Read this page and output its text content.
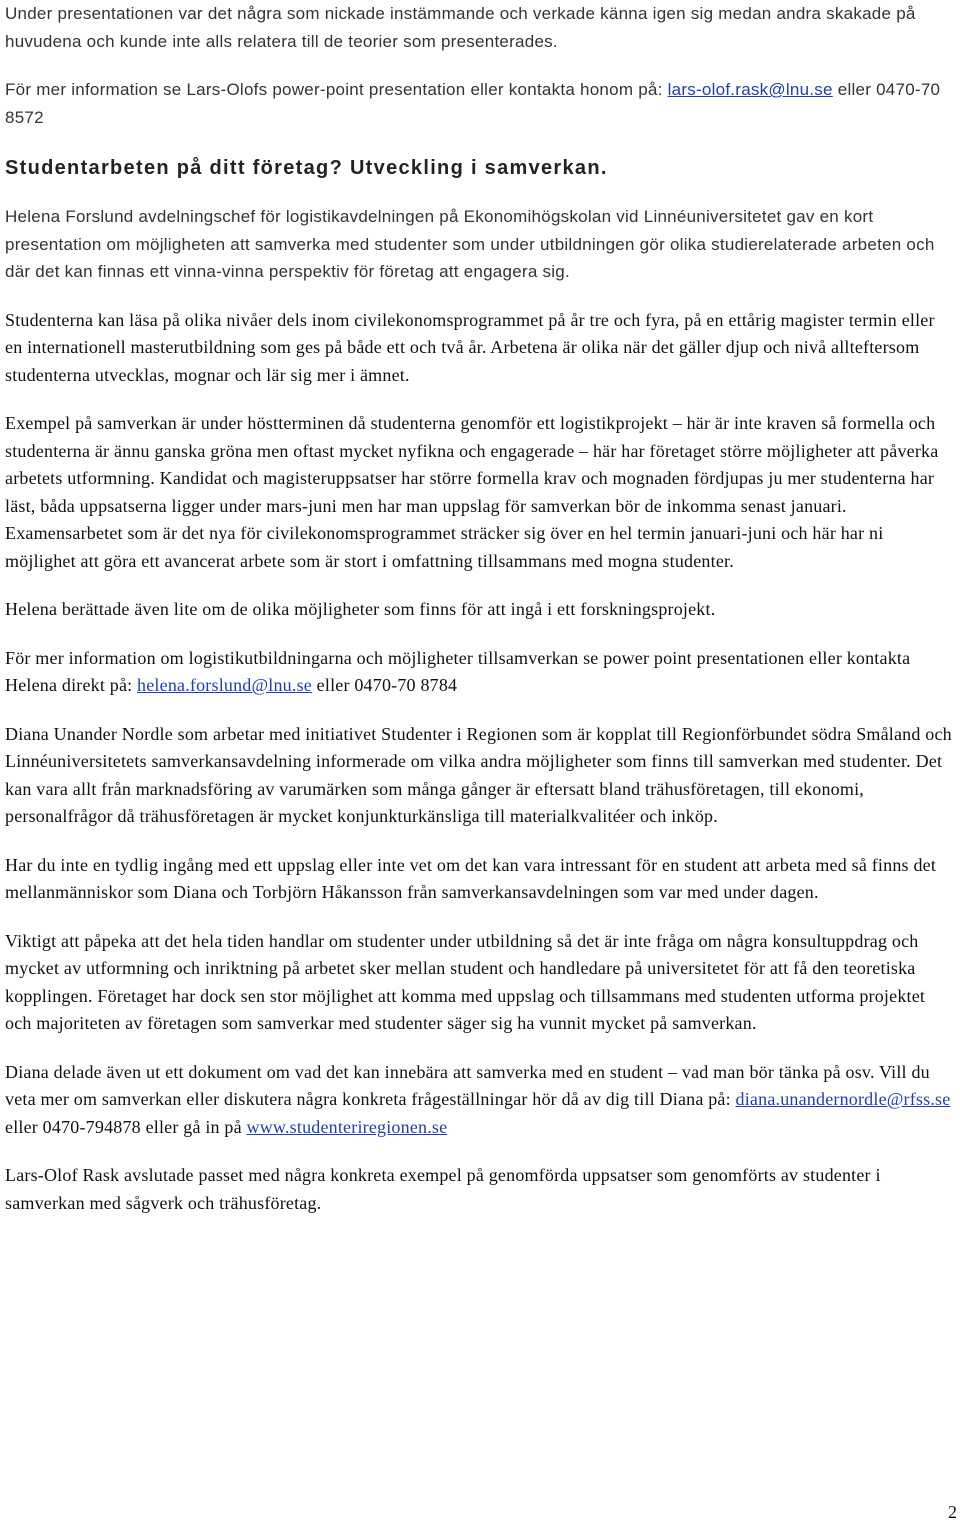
Under presentationen var det några som nickade instämmande och verkade känna igen sig medan andra skakade på huvudena och kunde inte alls relatera till de teorier som presenterades.

För mer information se Lars-Olofs power-point presentation eller kontakta honom på: lars-olof.rask@lnu.se eller 0470-70 8572

Studentarbeten på ditt företag? Utveckling i samverkan.

Helena Forslund avdelningschef för logistikavdelningen på Ekonomihögskolan vid Linnéuniversitetet gav en kort presentation om möjligheten att samverka med studenter som under utbildningen gör olika studierelaterade arbeten och där det kan finnas ett vinna-vinna perspektiv för företag att engagera sig.

Studenterna kan läsa på olika nivåer dels inom civilekonomsprogrammet på år tre och fyra, på en ettårig magister termin eller en internationell masterutbildning som ges på både ett och två år. Arbetena är olika när det gäller djup och nivå allteftersom studenterna utvecklas, mognar och lär sig mer i ämnet.

Exempel på samverkan är under höstterminen då studenterna genomför ett logistikprojekt – här är inte kraven så formella och studenterna är ännu ganska gröna men oftast mycket nyfikna och engagerade – här har företaget större möjligheter att påverka arbetets utformning. Kandidat och magisteruppsatser har större formella krav och mognaden fördjupas ju mer studenterna har läst, båda uppsatserna ligger under mars-juni men har man uppslag för samverkan bör de inkomma senast januari. Examensarbetet som är det nya för civilekonomsprogrammet sträcker sig över en hel termin januari-juni och här har ni möjlighet att göra ett avancerat arbete som är stort i omfattning tillsammans med mogna studenter.

Helena berättade även lite om de olika möjligheter som finns för att ingå i ett forskningsprojekt.

För mer information om logistikutbildningarna och möjligheter tillsamverkan se power point presentationen eller kontakta Helena direkt på: helena.forslund@lnu.se eller 0470-70 8784

Diana Unander Nordle som arbetar med initiativet Studenter i Regionen som är kopplat till Regionförbundet södra Småland och Linnéuniversitetets samverkansavdelning informerade om vilka andra möjligheter som finns till samverkan med studenter. Det kan vara allt från marknadsföring av varumärken som många gånger är eftersatt bland trähusföretagen, till ekonomi, personalfrågor då trähusföretagen är mycket konjunkturkänsliga till materialkvalitéer och inköp.

Har du inte en tydlig ingång med ett uppslag eller inte vet om det kan vara intressant för en student att arbeta med så finns det mellanmänniskor som Diana och Torbjörn Håkansson från samverkansavdelningen som var med under dagen.

Viktigt att påpeka att det hela tiden handlar om studenter under utbildning så det är inte fråga om några konsultuppdrag och mycket av utformning och inriktning på arbetet sker mellan student och handledare på universitetet för att få den teoretiska kopplingen. Företaget har dock sen stor möjlighet att komma med uppslag och tillsammans med studenten utforma projektet och majoriteten av företagen som samverkar med studenter säger sig ha vunnit mycket på samverkan.

Diana delade även ut ett dokument om vad det kan innebära att samverka med en student – vad man bör tänka på osv. Vill du veta mer om samverkan eller diskutera några konkreta frågeställningar hör då av dig till Diana på: diana.unandernordle@rfss.se eller 0470-794878 eller gå in på www.studenteriregionen.se

Lars-Olof Rask avslutade passet med några konkreta exempel på genomförda uppsatser som genomförts av studenter i samverkan med sågverk och trähusföretag.

2
